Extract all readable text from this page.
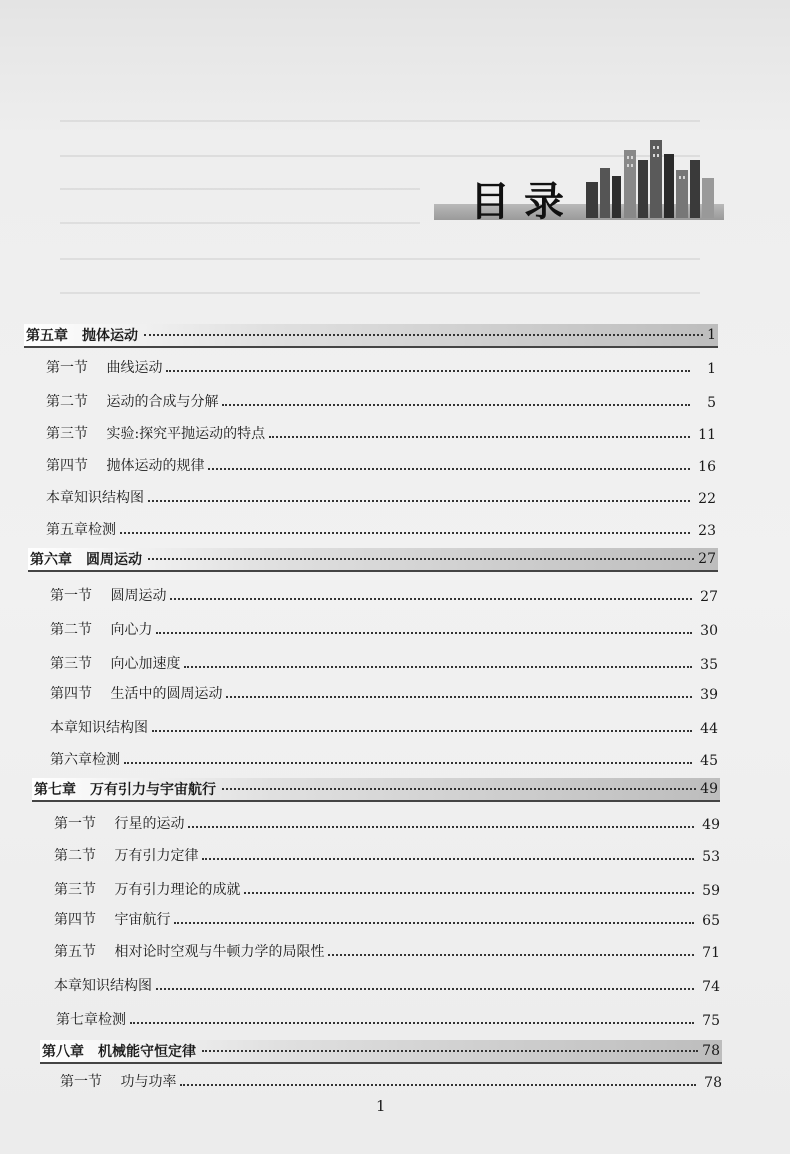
目录
第五章　抛体运动	1
第一节　 曲线运动	1
第二节　 运动的合成与分解	5
第三节　 实验:探究平抛运动的特点	11
第四节　 抛体运动的规律	16
本章知识结构图	22
第五章检测	23
第六章　圆周运动	27
第一节　 圆周运动	27
第二节　 向心力	30
第三节　 向心加速度	35
第四节　 生活中的圆周运动	39
本章知识结构图	44
第六章检测	45
第七章　万有引力与宇宙航行	49
第一节　 行星的运动	49
第二节　 万有引力定律	53
第三节　 万有引力理论的成就	59
第四节　 宇宙航行	65
第五节　 相对论时空观与牛顿力学的局限性	71
本章知识结构图	74
第七章检测	75
第八章　机械能守恒定律	78
第一节　 功与功率	78
1
